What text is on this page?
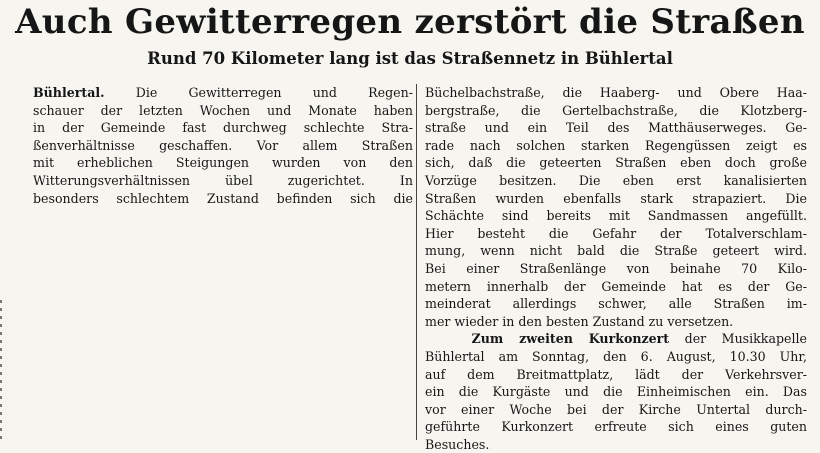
Auch Gewitterregen zerstört die Straßen
Rund 70 Kilometer lang ist das Straßennetz in Bühlertal
Bühlertal. Die Gewitterregen und Regen-
schauer der letzten Wochen und Monate haben
in der Gemeinde fast durchweg schlechte Stra-
ßenverhältnisse geschaffen. Vor allem Straßen
mit erheblichen Steigungen wurden von den
Witterungsverhältnissen übel zugerichtet. In
besonders schlechtem Zustand befinden sich die
Büchelbachstraße, die Haaberg- und Obere Haa-
bergstraße, die Gertelbachstraße, die Klotzberg-
straße und ein Teil des Matthäuserweges. Ge-
rade nach solchen starken Regengüssen zeigt es
sich, daß die geteerten Straßen eben doch große
Vorzüge besitzen. Die eben erst kanalisierten
Straßen wurden ebenfalls stark strapaziert. Die
Schächte sind bereits mit Sandmassen angefüllt.
Hier besteht die Gefahr der Totalverschlam-
mung, wenn nicht bald die Straße geteert wird.
Bei einer Straßenlänge von beinahe 70 Kilo-
metern innerhalb der Gemeinde hat es der Ge-
meinderat allerdings schwer, alle Straßen im-
mer wieder in den besten Zustand zu versetzen.
Zum zweiten Kurkonzert der Musikkapelle
Bühlertal am Sonntag, den 6. August, 10.30 Uhr,
auf dem Breitmattplatz, lädt der Verkehrsver-
ein die Kurgäste und die Einheimischen ein. Das
vor einer Woche bei der Kirche Untertal durch-
geführte Kurkonzert erfreute sich eines guten
Besuches.
